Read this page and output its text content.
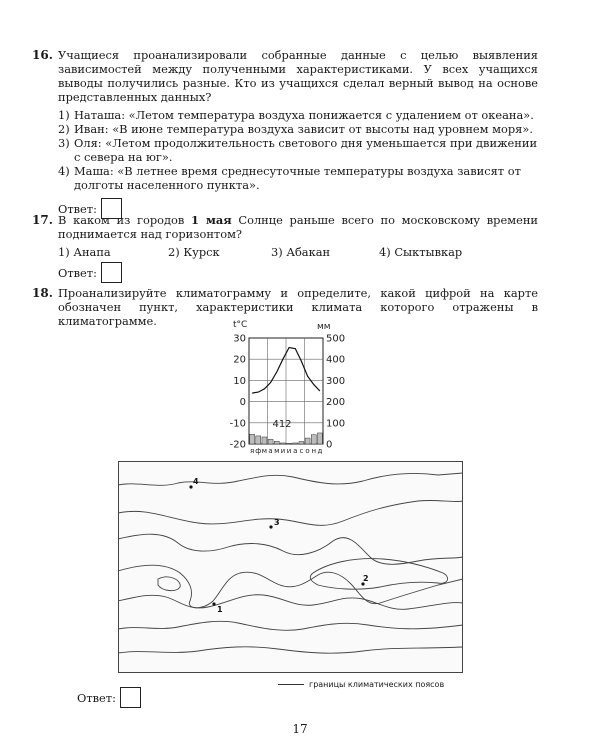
16. Учащиеся проанализировали собранные данные с целью выявления зависимостей между полученными характеристиками. У всех учащихся выводы получились разные. Кто из учащихся сделал верный вывод на основе представленных данных?
1) Наташа: «Летом температура воздуха понижается с удалением от океана».
2) Иван: «В июне температура воздуха зависит от высоты над уровнем моря».
3) Оля: «Летом продолжительность светового дня уменьшается при движении с севера на юг».
4) Маша: «В летнее время среднесуточные температуры воздуха зависят от долготы населенного пункта».
Ответ:
17. В каком из городов 1 мая Солнце раньше всего по московскому времени поднимается над горизонтом?
1) Анапа	2) Курск	3) Абакан	4) Сыктывкар
Ответ:
18. Проанализируйте климатограмму и определите, какой цифрой на карте обозначен пункт, характеристики климата которого отражены в климатограмме.	t°C	мм
30
20
10
0
-10
-20
500
400
300
200
100
0
412
я ф м а м и и а с о н д
4
3
2
1
границы климатических поясов
Ответ:
17
